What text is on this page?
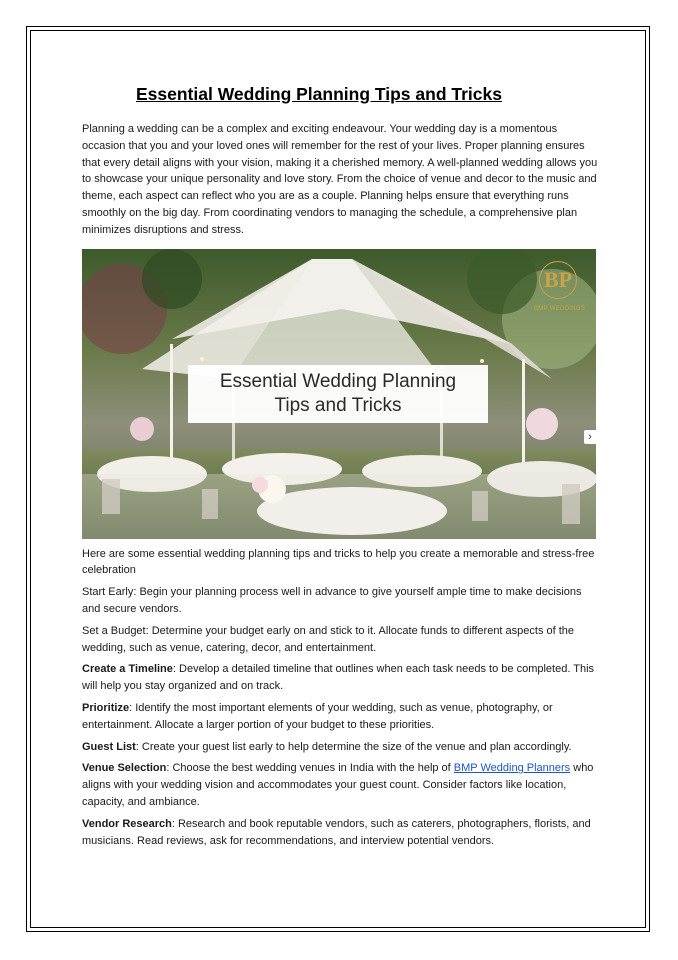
Essential Wedding Planning Tips and Tricks

Planning a wedding can be a complex and exciting endeavour. Your wedding day is a momentous occasion that you and your loved ones will remember for the rest of your lives. Proper planning ensures that every detail aligns with your vision, making it a cherished memory. A well-planned wedding allows you to showcase your unique personality and love story. From the choice of venue and decor to the music and theme, each aspect can reflect who you are as a couple. Planning helps ensure that everything runs smoothly on the big day. From coordinating vendors to managing the schedule, a comprehensive plan minimizes disruptions and stress.

BP
BMP WEDDINGS
Essential Wedding Planning
Tips and Tricks
›

Here are some essential wedding planning tips and tricks to help you create a memorable and stress-free celebration

Start Early: Begin your planning process well in advance to give yourself ample time to make decisions and secure vendors.

Set a Budget: Determine your budget early on and stick to it. Allocate funds to different aspects of the wedding, such as venue, catering, decor, and entertainment.

Create a Timeline: Develop a detailed timeline that outlines when each task needs to be completed. This will help you stay organized and on track.

Prioritize: Identify the most important elements of your wedding, such as venue, photography, or entertainment. Allocate a larger portion of your budget to these priorities.

Guest List: Create your guest list early to help determine the size of the venue and plan accordingly.

Venue Selection: Choose the best wedding venues in India with the help of BMP Wedding Planners who aligns with your wedding vision and accommodates your guest count. Consider factors like location, capacity, and ambiance.

Vendor Research: Research and book reputable vendors, such as caterers, photographers, florists, and musicians. Read reviews, ask for recommendations, and interview potential vendors.
